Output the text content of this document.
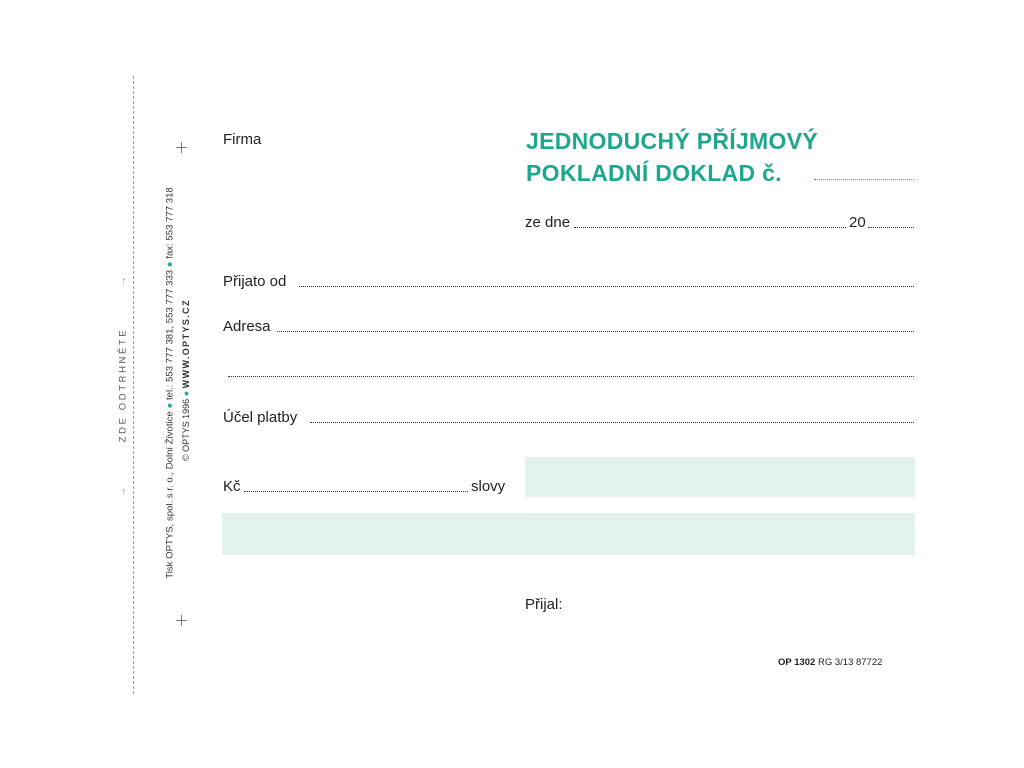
→        ZDE ODTRHNĚTE        →
Tisk OPTYS, spol. s r. o., Dolní Životice ● tel.: 553 777 381, 553 777 333 ● fax: 553 777 318
© OPTYS 1996 ● WWW.OPTYS.CZ
Firma	JEDNODUCHÝ PŘÍJMOVÝ
POKLADNÍ DOKLAD č.
ze dne	20
Přijato od
Adresa
Účel platby
Kč	slovy
Přijal:
OP 1302 RG 3/13 87722
